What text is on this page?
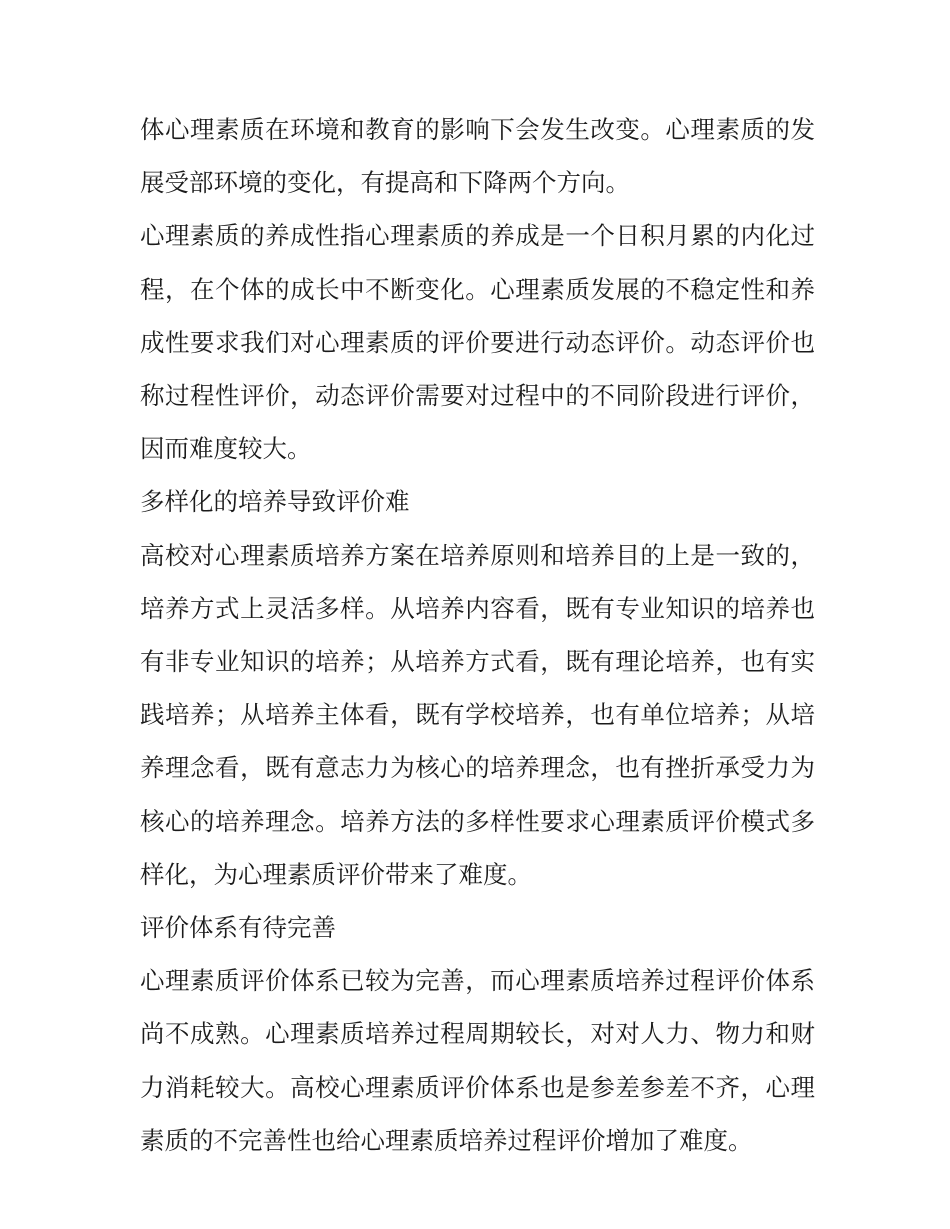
体心理素质在环境和教育的影响下会发生改变。心理素质的发展受部环境的变化，有提高和下降两个方向。

心理素质的养成性指心理素质的养成是一个日积月累的内化过程，在个体的成长中不断变化。心理素质发展的不稳定性和养成性要求我们对心理素质的评价要进行动态评价。动态评价也称过程性评价，动态评价需要对过程中的不同阶段进行评价，因而难度较大。

多样化的培养导致评价难

高校对心理素质培养方案在培养原则和培养目的上是一致的，培养方式上灵活多样。从培养内容看，既有专业知识的培养也有非专业知识的培养；从培养方式看，既有理论培养，也有实践培养；从培养主体看，既有学校培养，也有单位培养；从培养理念看，既有意志力为核心的培养理念，也有挫折承受力为核心的培养理念。培养方法的多样性要求心理素质评价模式多样化，为心理素质评价带来了难度。

评价体系有待完善

心理素质评价体系已较为完善，而心理素质培养过程评价体系尚不成熟。心理素质培养过程周期较长，对对人力、物力和财力消耗较大。高校心理素质评价体系也是参差参差不齐，心理素质的不完善性也给心理素质培养过程评价增加了难度。
